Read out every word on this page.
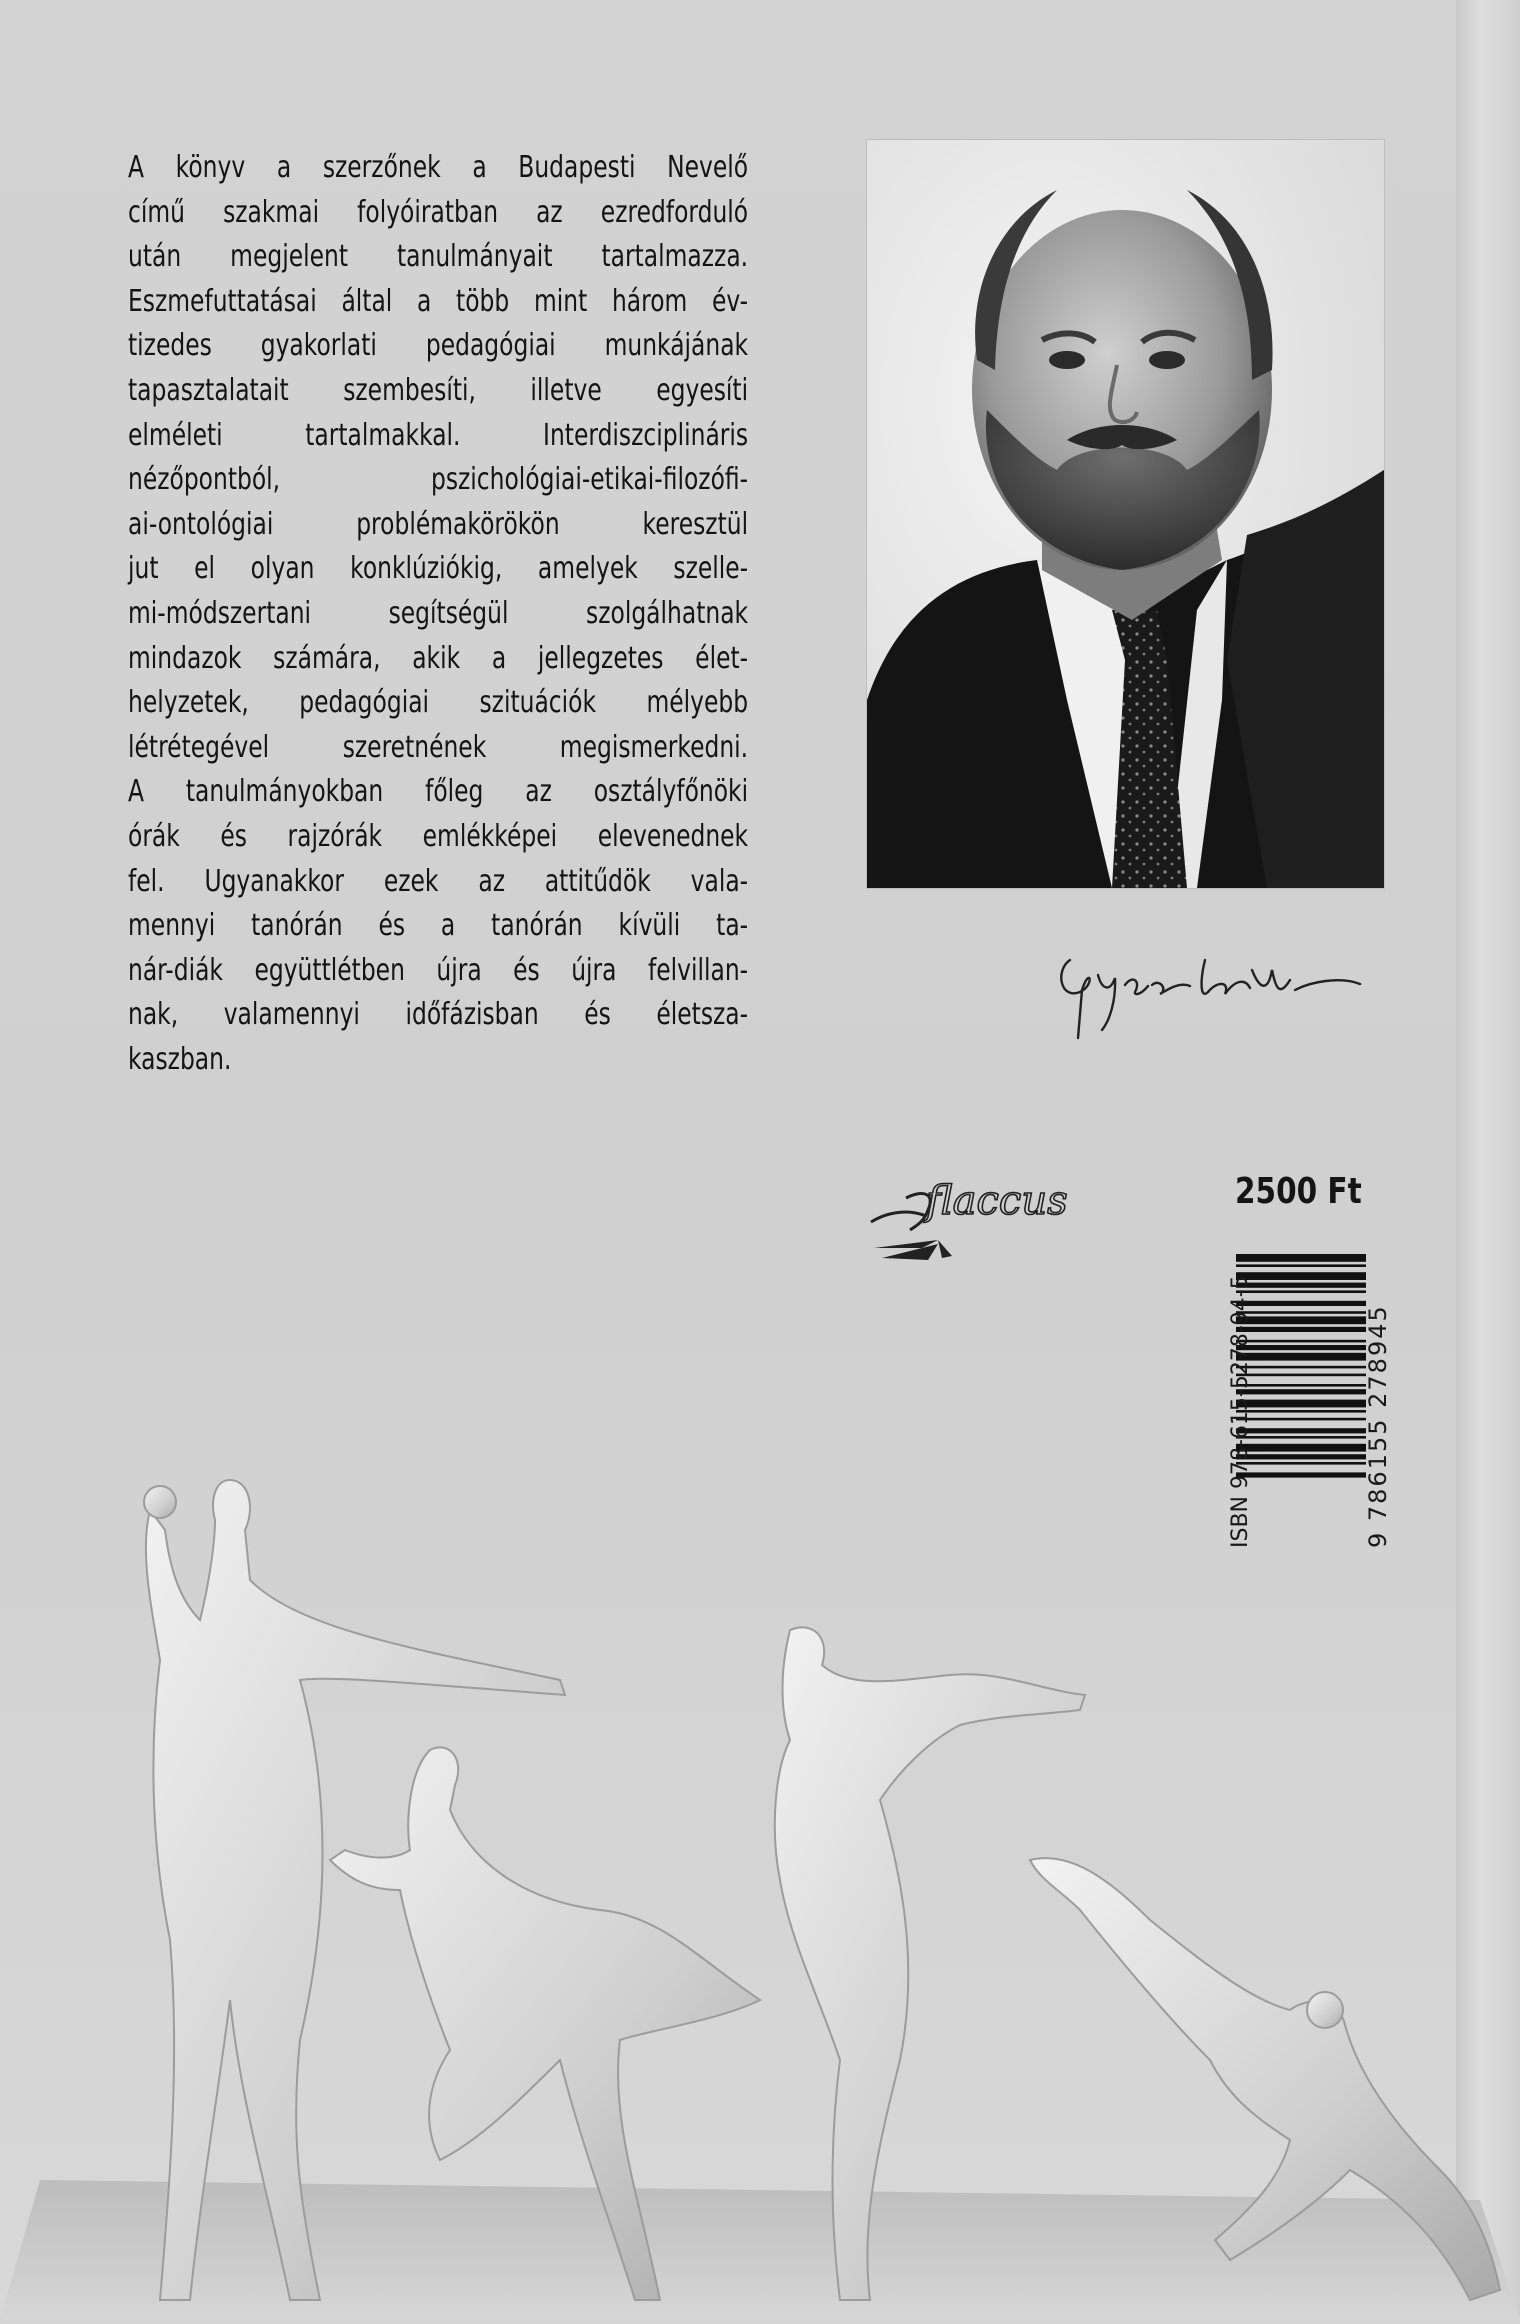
A könyv a szerzőnek a Budapesti Nevelő
című szakmai folyóiratban az ezredforduló
után megjelent tanulmányait tartalmazza.
Eszmefuttatásai által a több mint három év-
tizedes gyakorlati pedagógiai munkájának
tapasztalatait szembesíti, illetve egyesíti
elméleti tartalmakkal. Interdiszciplináris
nézőpontból, pszichológiai-etikai-filozófi-
ai-ontológiai problémakörökön keresztül
jut el olyan konklúziókig, amelyek szelle-
mi-módszertani segítségül szolgálhatnak
mindazok számára, akik a jellegzetes élet-
helyzetek, pedagógiai szituációk mélyebb
létrétegével szeretnének megismerkedni.
A tanulmányokban főleg az osztályfőnöki
órák és rajzórák emlékképei elevenednek
fel. Ugyanakkor ezek az attitűdök vala-
mennyi tanórán és a tanórán kívüli ta-
nár-diák együttlétben újra és újra felvillan-
nak, valamennyi időfázisban és életsza-
kaszban.
flaccus	2500 Ft
ISBN 978-615-5278-94-5	9 786155 278945
